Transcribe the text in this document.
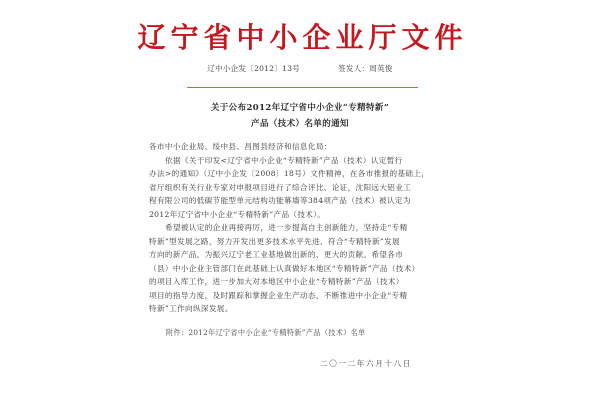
辽宁省中小企业厅文件
辽中小企发〔2012〕13号	签发人：周英俊
关于公布2012年辽宁省中小企业“专精特新”
产品（技术）名单的通知
各市中小企业局、绥中县、昌图县经济和信息化局：
依据《关于印发<辽宁省中小企业“专精特新”产品（技术）认定暂行
办法>的通知》（辽中小企发〔2008〕18号）文件精神，在各市推报的基础上，
省厅组织有关行业专家对申报项目进行了综合评比、论证，沈阳远大铝业工
程有限公司的低碳节能型单元结构功能幕墙等384项产品（技术）被认定为
2012年辽宁省中小企业“专精特新”产品（技术）。
希望被认定的企业再接再厉，进一步提高自主创新能力，坚持走“专精
特新”型发展之路，努力开发出更多技术水平先进、符合“专精特新”发展
方向的新产品，为振兴辽宁老工业基地做出新的、更大的贡献。希望各市
（县）中小企业主管部门在此基础上认真做好本地区“专精特新”产品（技术）
的项目入库工作，进一步加大对本地区中小企业“专精特新”产品（技术）
项目的指导力度，及时跟踪和掌握企业生产动态，不断推进中小企业“专精
特新”工作向纵深发展。
附件：2012年辽宁省中小企业“专精特新”产品（技术）名单
二〇一二年六月十八日
